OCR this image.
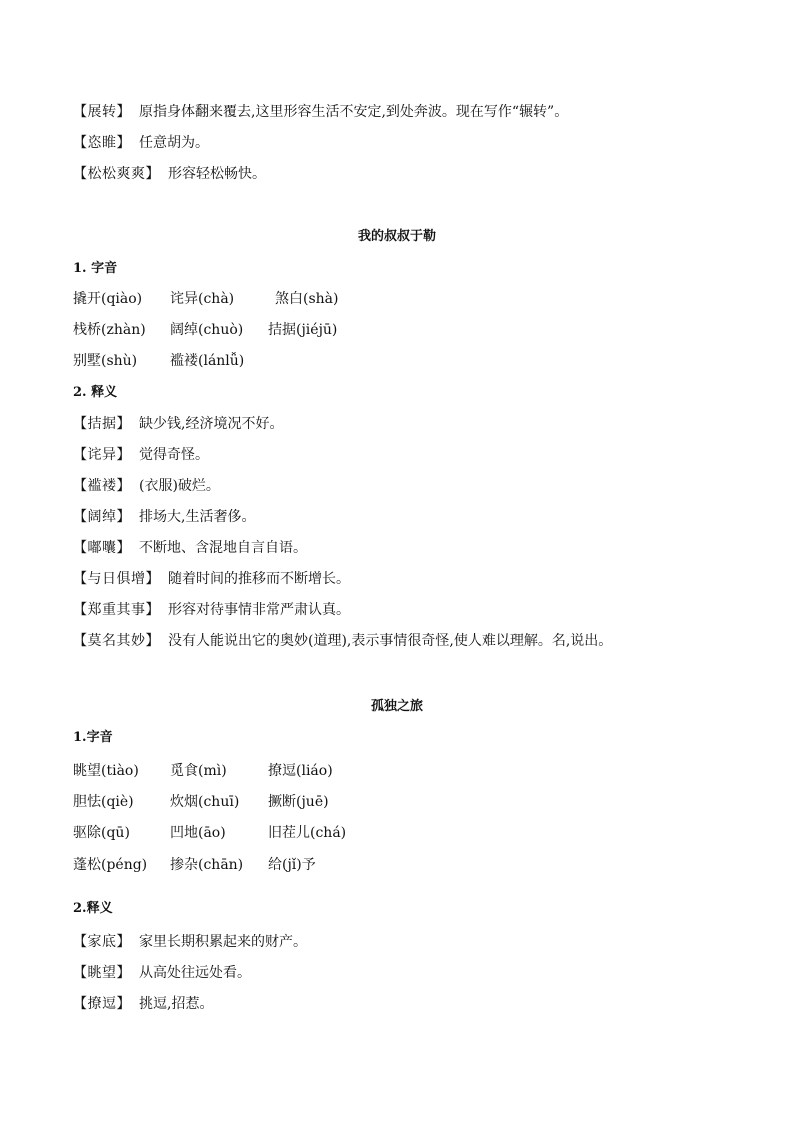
【展转】 原指身体翻来覆去,这里形容生活不安定,到处奔波。现在写作“辗转”。
【恣睢】 任意胡为。
【松松爽爽】 形容轻松畅快。
我的叔叔于勒
1. 字音
撬开(qiào) 诧异(chà)	煞白(shà)
栈桥(zhàn) 阔绰(chuò) 拮据(jiéjū)
别墅(shù) 褴褛(lánlǚ)
2. 释义
【拮据】 缺少钱,经济境况不好。
【诧异】 觉得奇怪。
【褴褛】 (衣服)破烂。
【阔绰】 排场大,生活奢侈。
【嘟囔】 不断地、含混地自言自语。
【与日俱增】 随着时间的推移而不断增长。
【郑重其事】 形容对待事情非常严肃认真。
【莫名其妙】 没有人能说出它的奥妙(道理),表示事情很奇怪,使人难以理解。名,说出。
孤独之旅
1.字音
眺望(tiào) 觅食(mì)	撩逗(liáo)
胆怯(qiè)	炊烟(chuī) 撅断(juē)
驱除(qū)	凹地(āo)	旧茬儿(chá)
蓬松(péng) 掺杂(chān) 给(jǐ)予
2.释义
【家底】 家里长期积累起来的财产。
【眺望】 从高处往远处看。
【撩逗】 挑逗,招惹。
